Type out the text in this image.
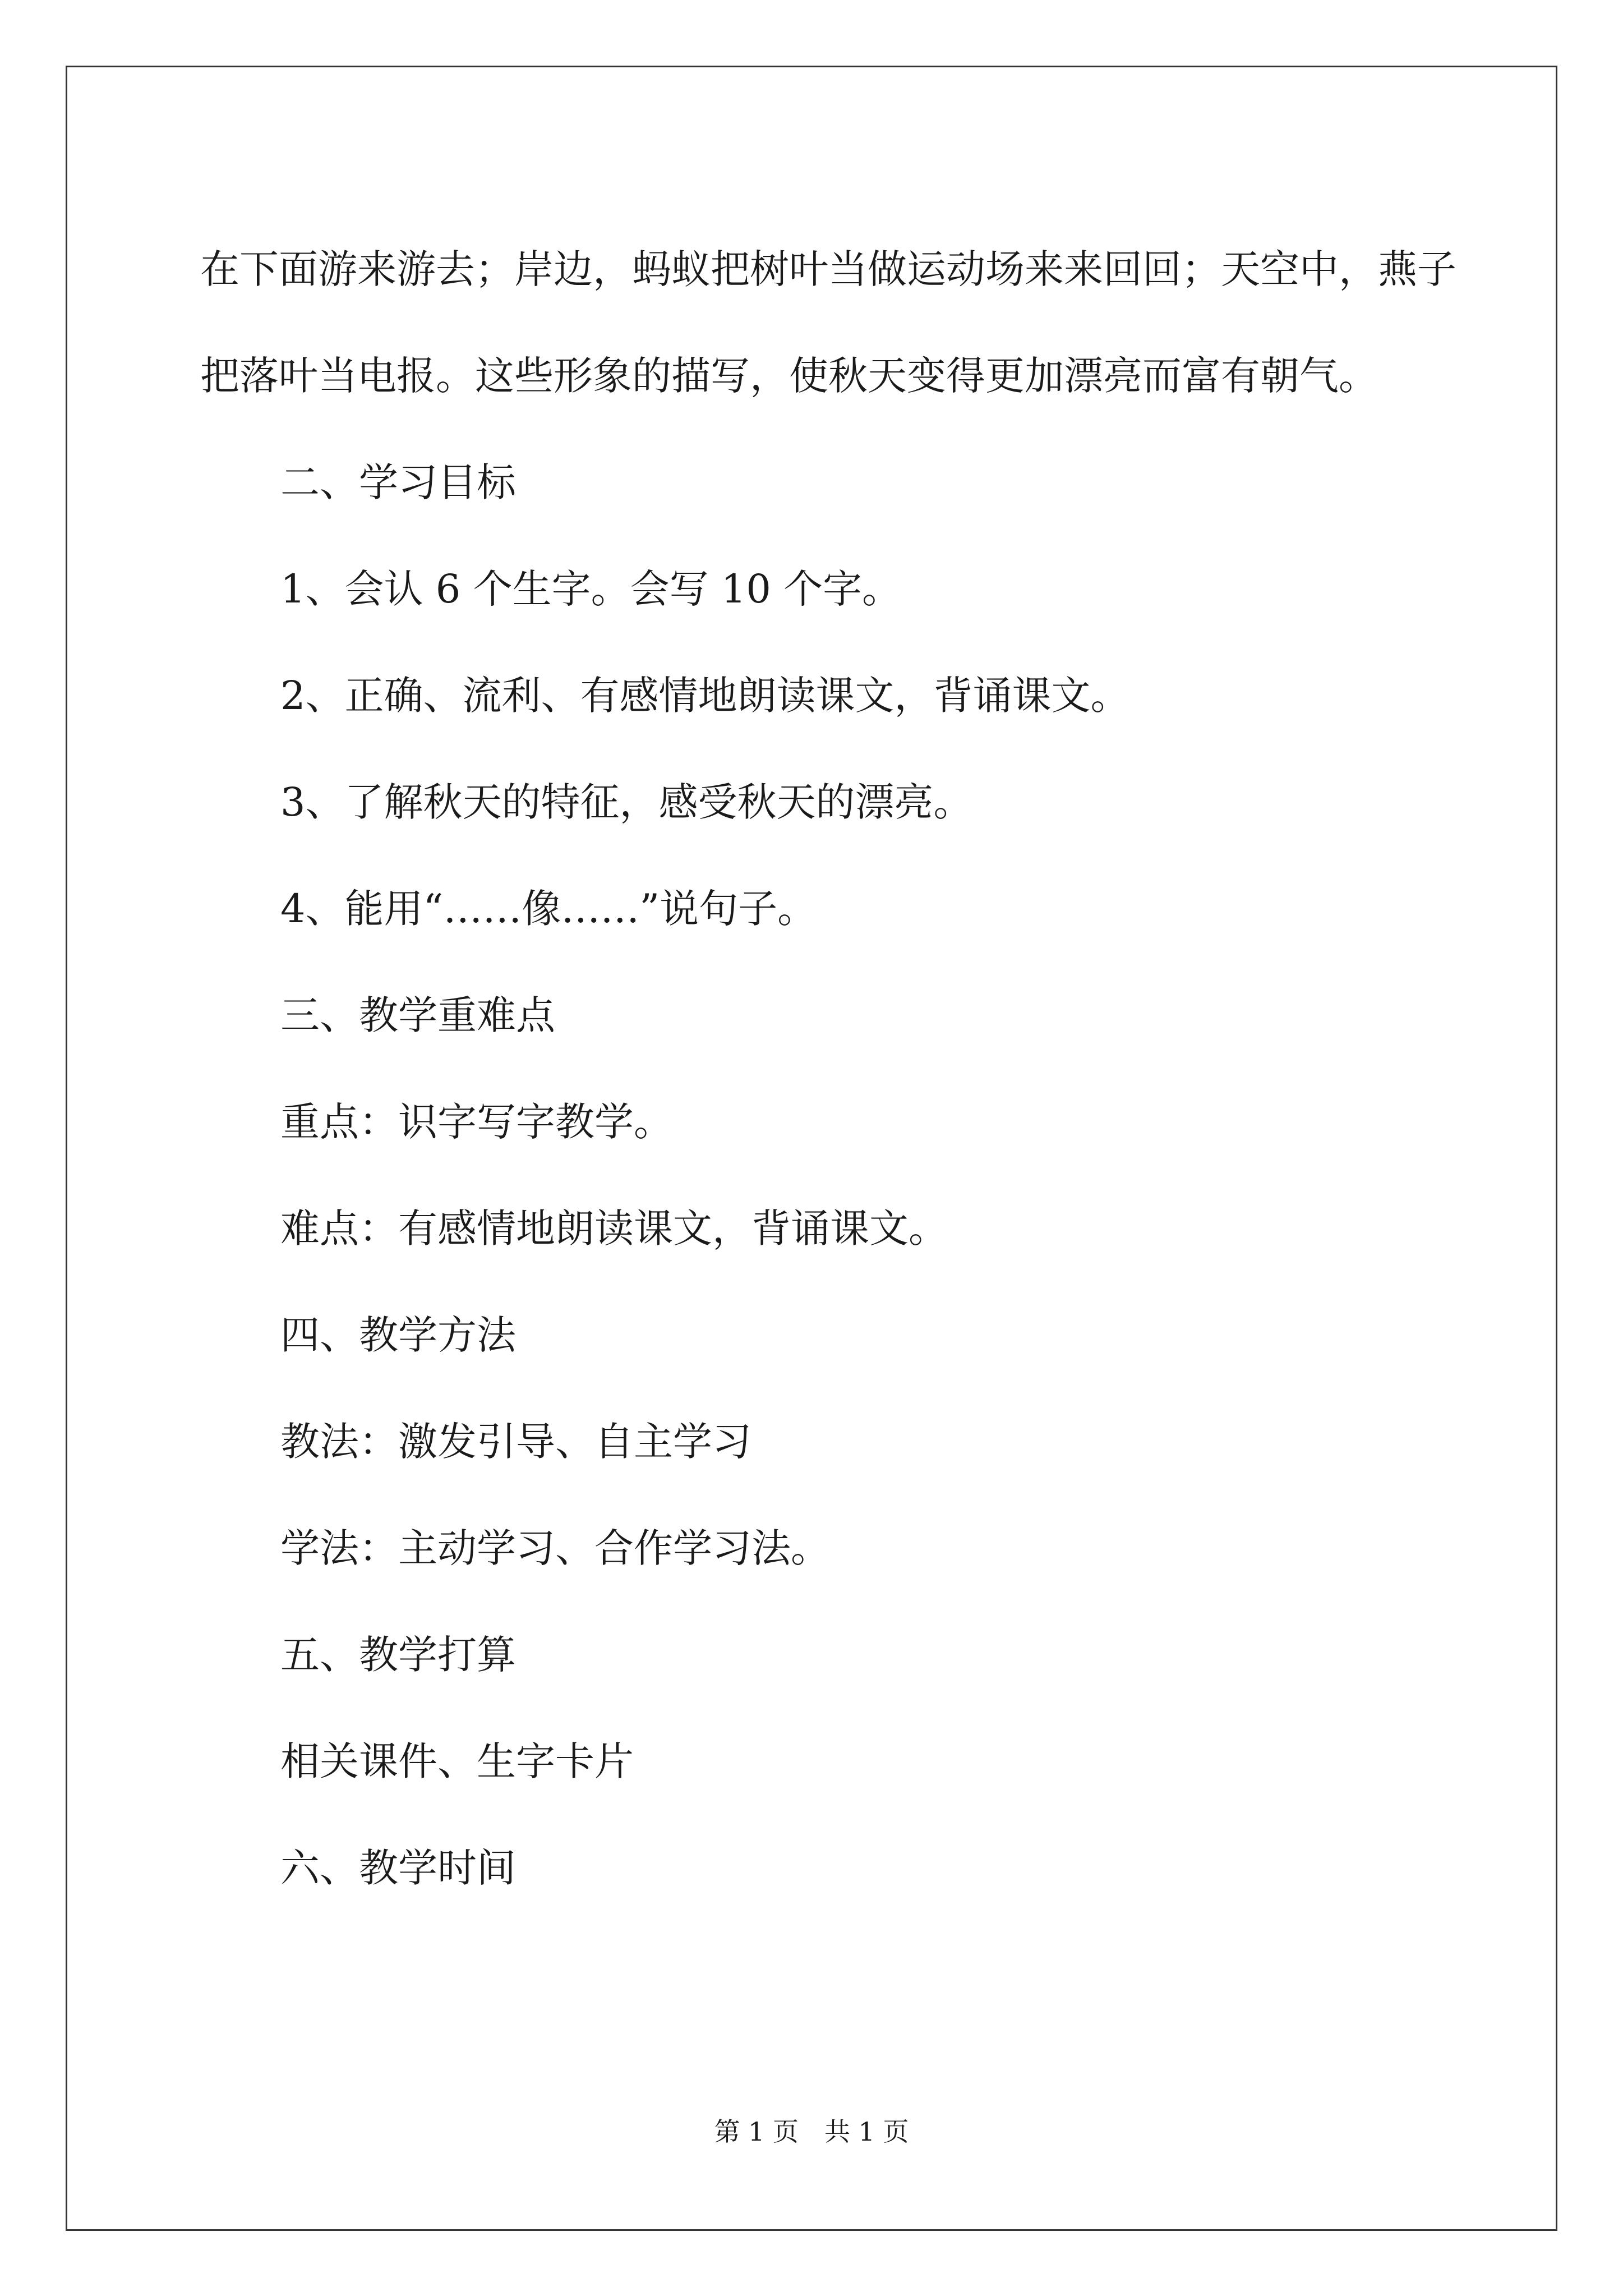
在下面游来游去；岸边，蚂蚁把树叶当做运动场来来回回；天空中，燕子把落叶当电报。这些形象的描写，使秋天变得更加漂亮而富有朝气。

二、学习目标

1、会认 6 个生字。会写 10 个字。

2、正确、流利、有感情地朗读课文，背诵课文。

3、了解秋天的特征，感受秋天的漂亮。

4、能用“……像……”说句子。

三、教学重难点

重点：识字写字教学。

难点：有感情地朗读课文，背诵课文。

四、教学方法

教法：激发引导、自主学习

学法：主动学习、合作学习法。

五、教学打算

相关课件、生字卡片

六、教学时间

第 1 页　共 1 页
